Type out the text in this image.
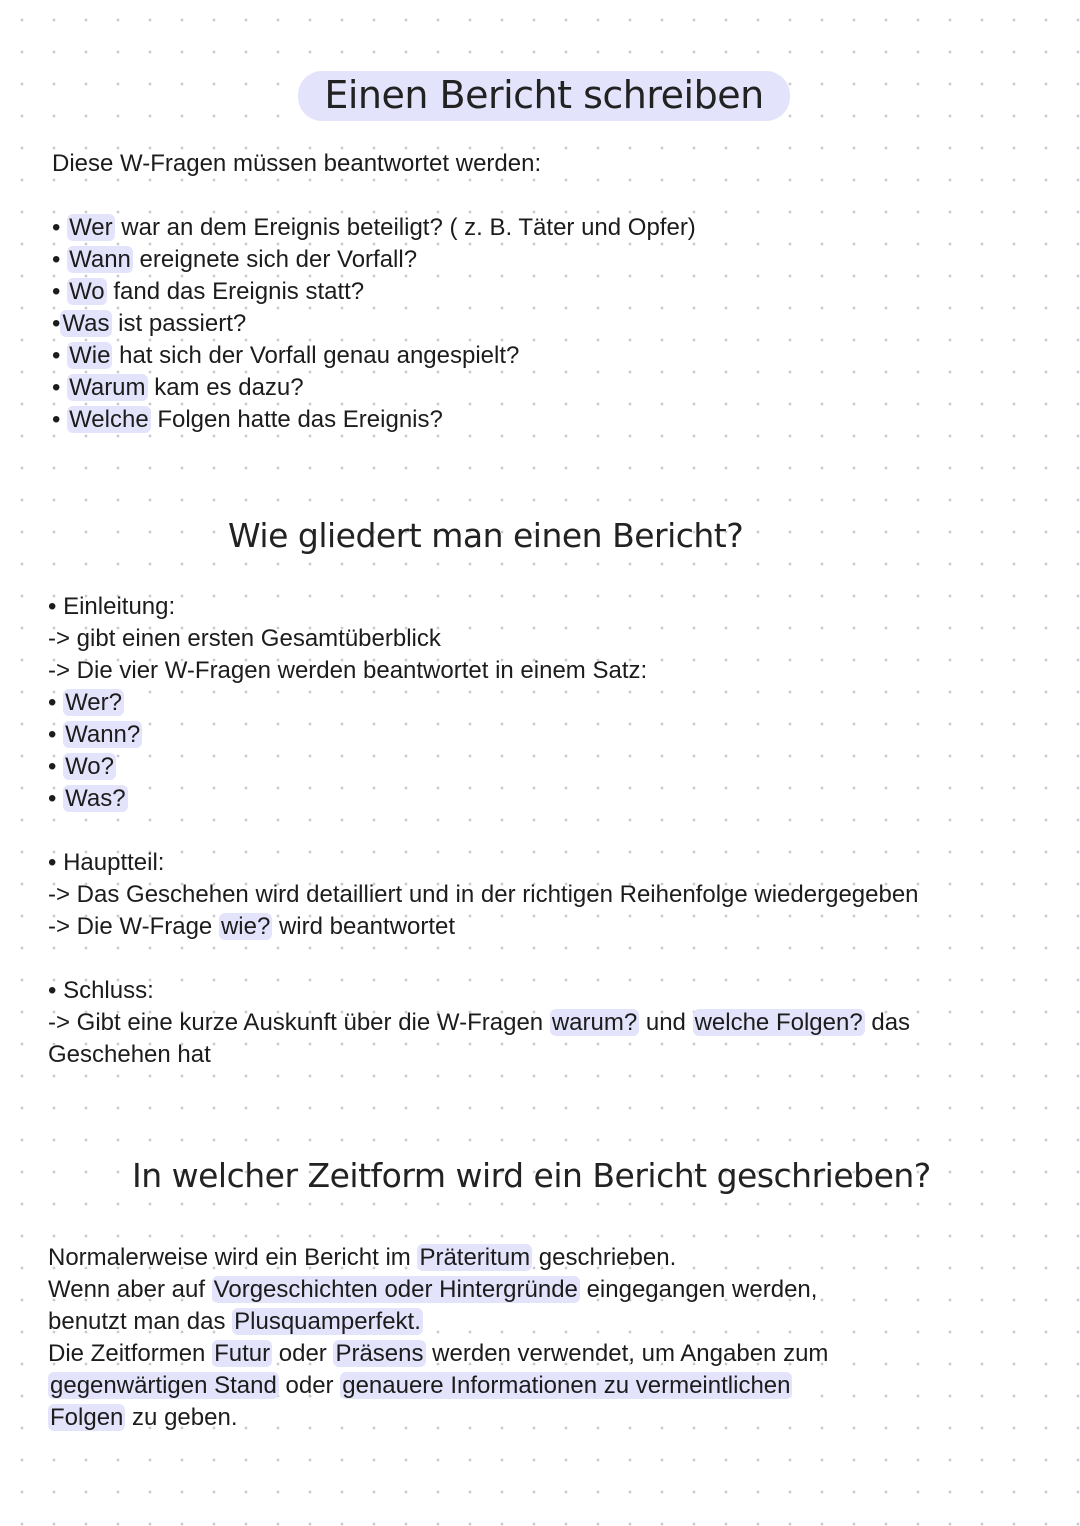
Einen Bericht schreiben
Diese W-Fragen müssen beantwortet werden:
• Wer war an dem Ereignis beteiligt? ( z. B. Täter und Opfer)
• Wann ereignete sich der Vorfall?
• Wo fand das Ereignis statt?
•Was ist passiert?
• Wie hat sich der Vorfall genau angespielt?
• Warum kam es dazu?
• Welche Folgen hatte das Ereignis?
Wie gliedert man einen Bericht?
• Einleitung:
-> gibt einen ersten Gesamtüberblick
-> Die vier W-Fragen werden beantwortet in einem Satz:
• Wer?
• Wann?
• Wo?
• Was?
• Hauptteil:
-> Das Geschehen wird detailliert und in der richtigen Reihenfolge wiedergegeben
-> Die W-Frage wie? wird beantwortet
• Schluss:
-> Gibt eine kurze Auskunft über die W-Fragen warum? und welche Folgen? das
Geschehen hat
In welcher Zeitform wird ein Bericht geschrieben?
Normalerweise wird ein Bericht im Präteritum geschrieben.
Wenn aber auf Vorgeschichten oder Hintergründe eingegangen werden,
benutzt man das Plusquamperfekt.
Die Zeitformen Futur oder Präsens werden verwendet, um Angaben zum
gegenwärtigen Stand oder genauere Informationen zu vermeintlichen
Folgen zu geben.
